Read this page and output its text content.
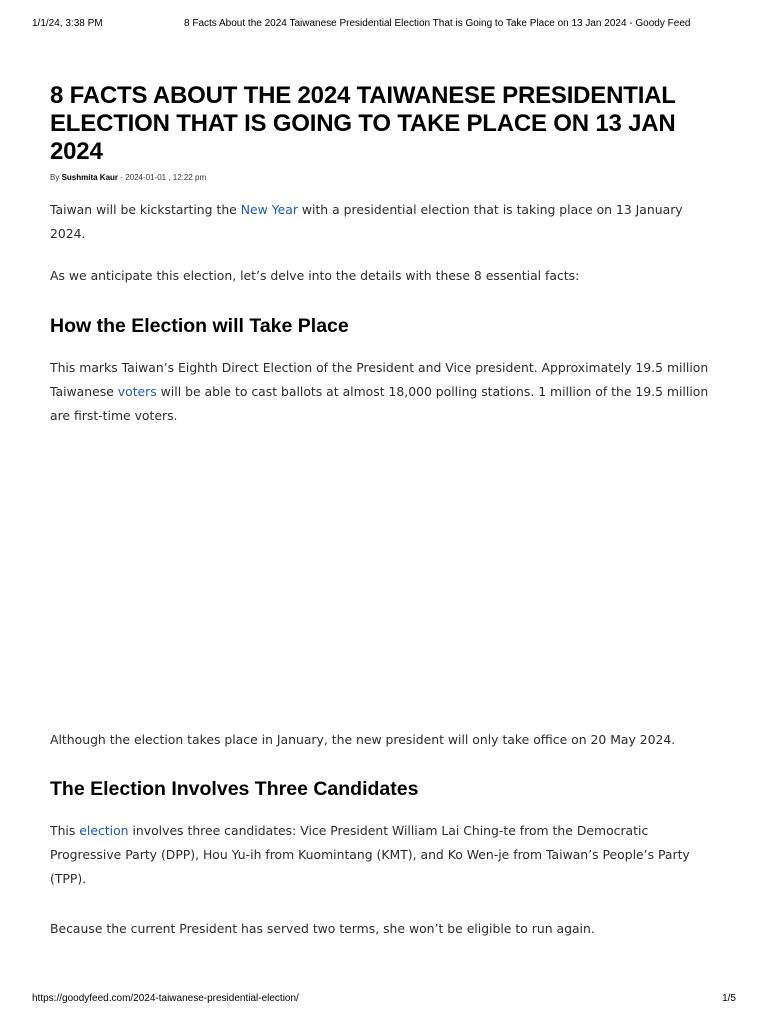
1/1/24, 3:38 PM	8 Facts About the 2024 Taiwanese Presidential Election That is Going to Take Place on 13 Jan 2024 - Goody Feed
8 FACTS ABOUT THE 2024 TAIWANESE PRESIDENTIAL ELECTION THAT IS GOING TO TAKE PLACE ON 13 JAN 2024
By Sushmita Kaur - 2024-01-01 , 12:22 pm

Taiwan will be kickstarting the New Year with a presidential election that is taking place on 13 January 2024.

As we anticipate this election, let’s delve into the details with these 8 essential facts:

How the Election will Take Place

This marks Taiwan’s Eighth Direct Election of the President and Vice president. Approximately 19.5 million Taiwanese voters will be able to cast ballots at almost 18,000 polling stations. 1 million of the 19.5 million are first-time voters.

Although the election takes place in January, the new president will only take office on 20 May 2024.

The Election Involves Three Candidates

This election involves three candidates: Vice President William Lai Ching-te from the Democratic Progressive Party (DPP), Hou Yu-ih from Kuomintang (KMT), and Ko Wen-je from Taiwan’s People’s Party (TPP).

Because the current President has served two terms, she won’t be eligible to run again.

https://goodyfeed.com/2024-taiwanese-presidential-election/	1/5
